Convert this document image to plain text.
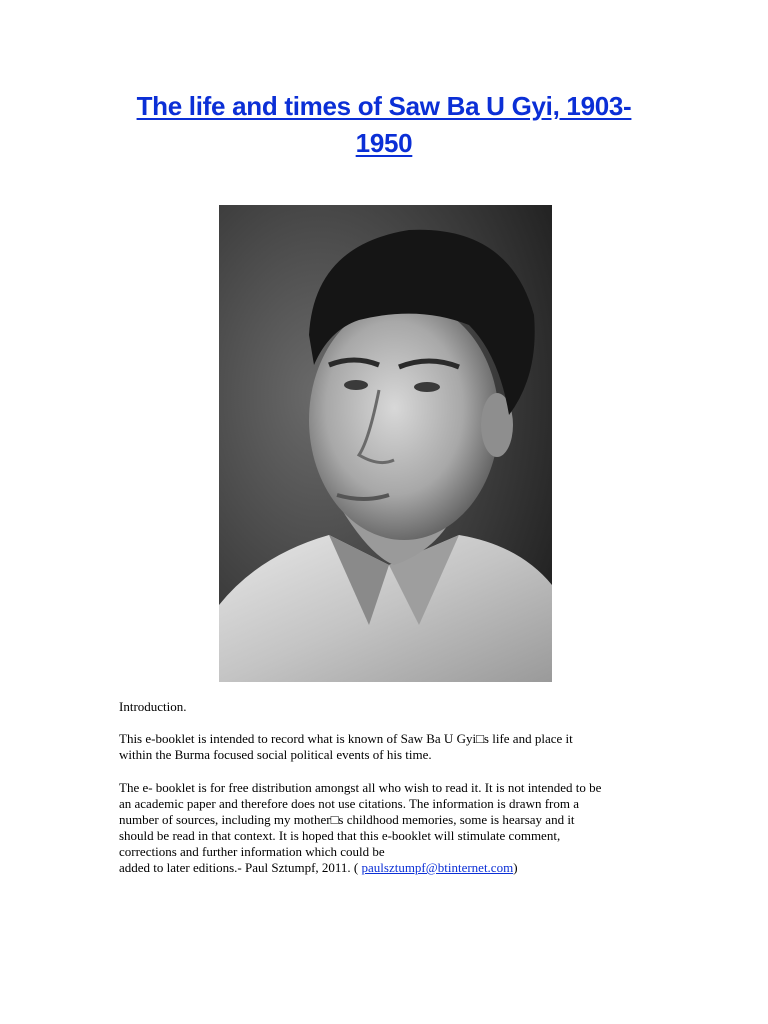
The life and times of Saw Ba U Gyi, 1903-
1950

Introduction.

This e-booklet is intended to record what is known of Saw Ba U Gyi□s life and place it
within the Burma focused social political events of his time.

The e- booklet is for free distribution amongst all who wish to read it. It is not intended to be
an academic paper and therefore does not use citations. The information is drawn from a
number of sources, including my mother□s childhood memories, some is hearsay and it
should be read in that context. It is hoped that this e-booklet will stimulate comment,
corrections and further information which could be
added to later editions.- Paul Sztumpf, 2011. ( paulsztumpf@btinternet.com)
